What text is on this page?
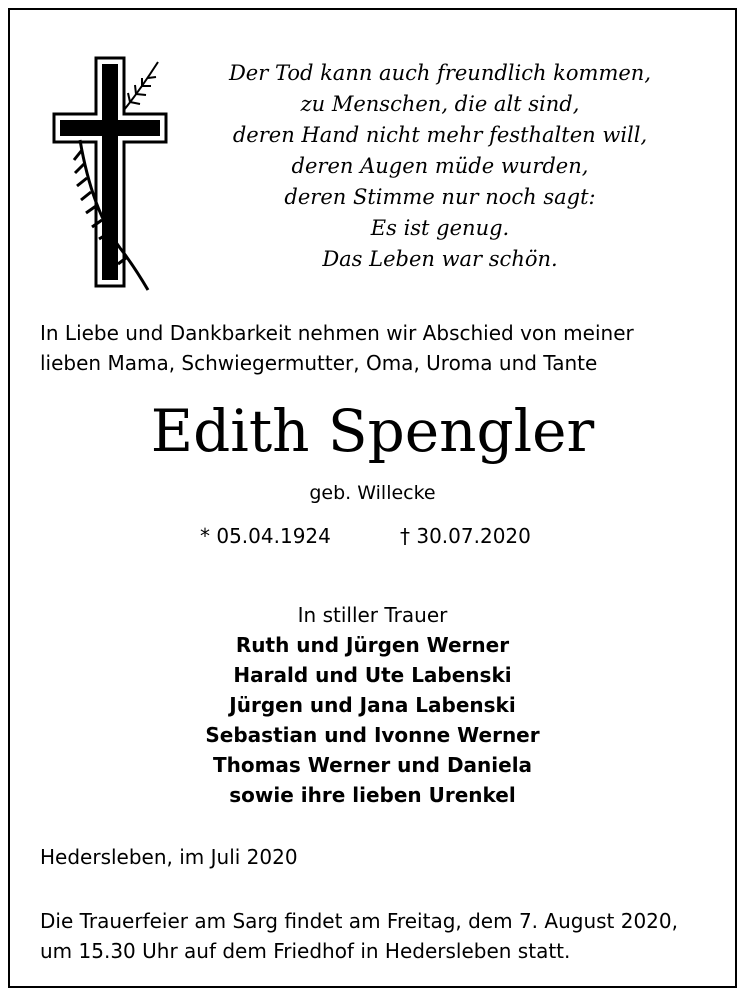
Der Tod kann auch freundlich kommen,
zu Menschen, die alt sind,
deren Hand nicht mehr festhalten will,
deren Augen müde wurden,
deren Stimme nur noch sagt:
Es ist genug.
Das Leben war schön.
In Liebe und Dankbarkeit nehmen wir Abschied von meiner
lieben Mama, Schwiegermutter, Oma, Uroma und Tante
Edith Spengler
geb. Willecke
* 05.04.1924	† 30.07.2020
In stiller Trauer
Ruth und Jürgen Werner
Harald und Ute Labenski
Jürgen und Jana Labenski
Sebastian und Ivonne Werner
Thomas Werner und Daniela
sowie ihre lieben Urenkel
Hedersleben, im Juli 2020
Die Trauerfeier am Sarg findet am Freitag, dem 7. August 2020,
um 15.30 Uhr auf dem Friedhof in Hedersleben statt.
